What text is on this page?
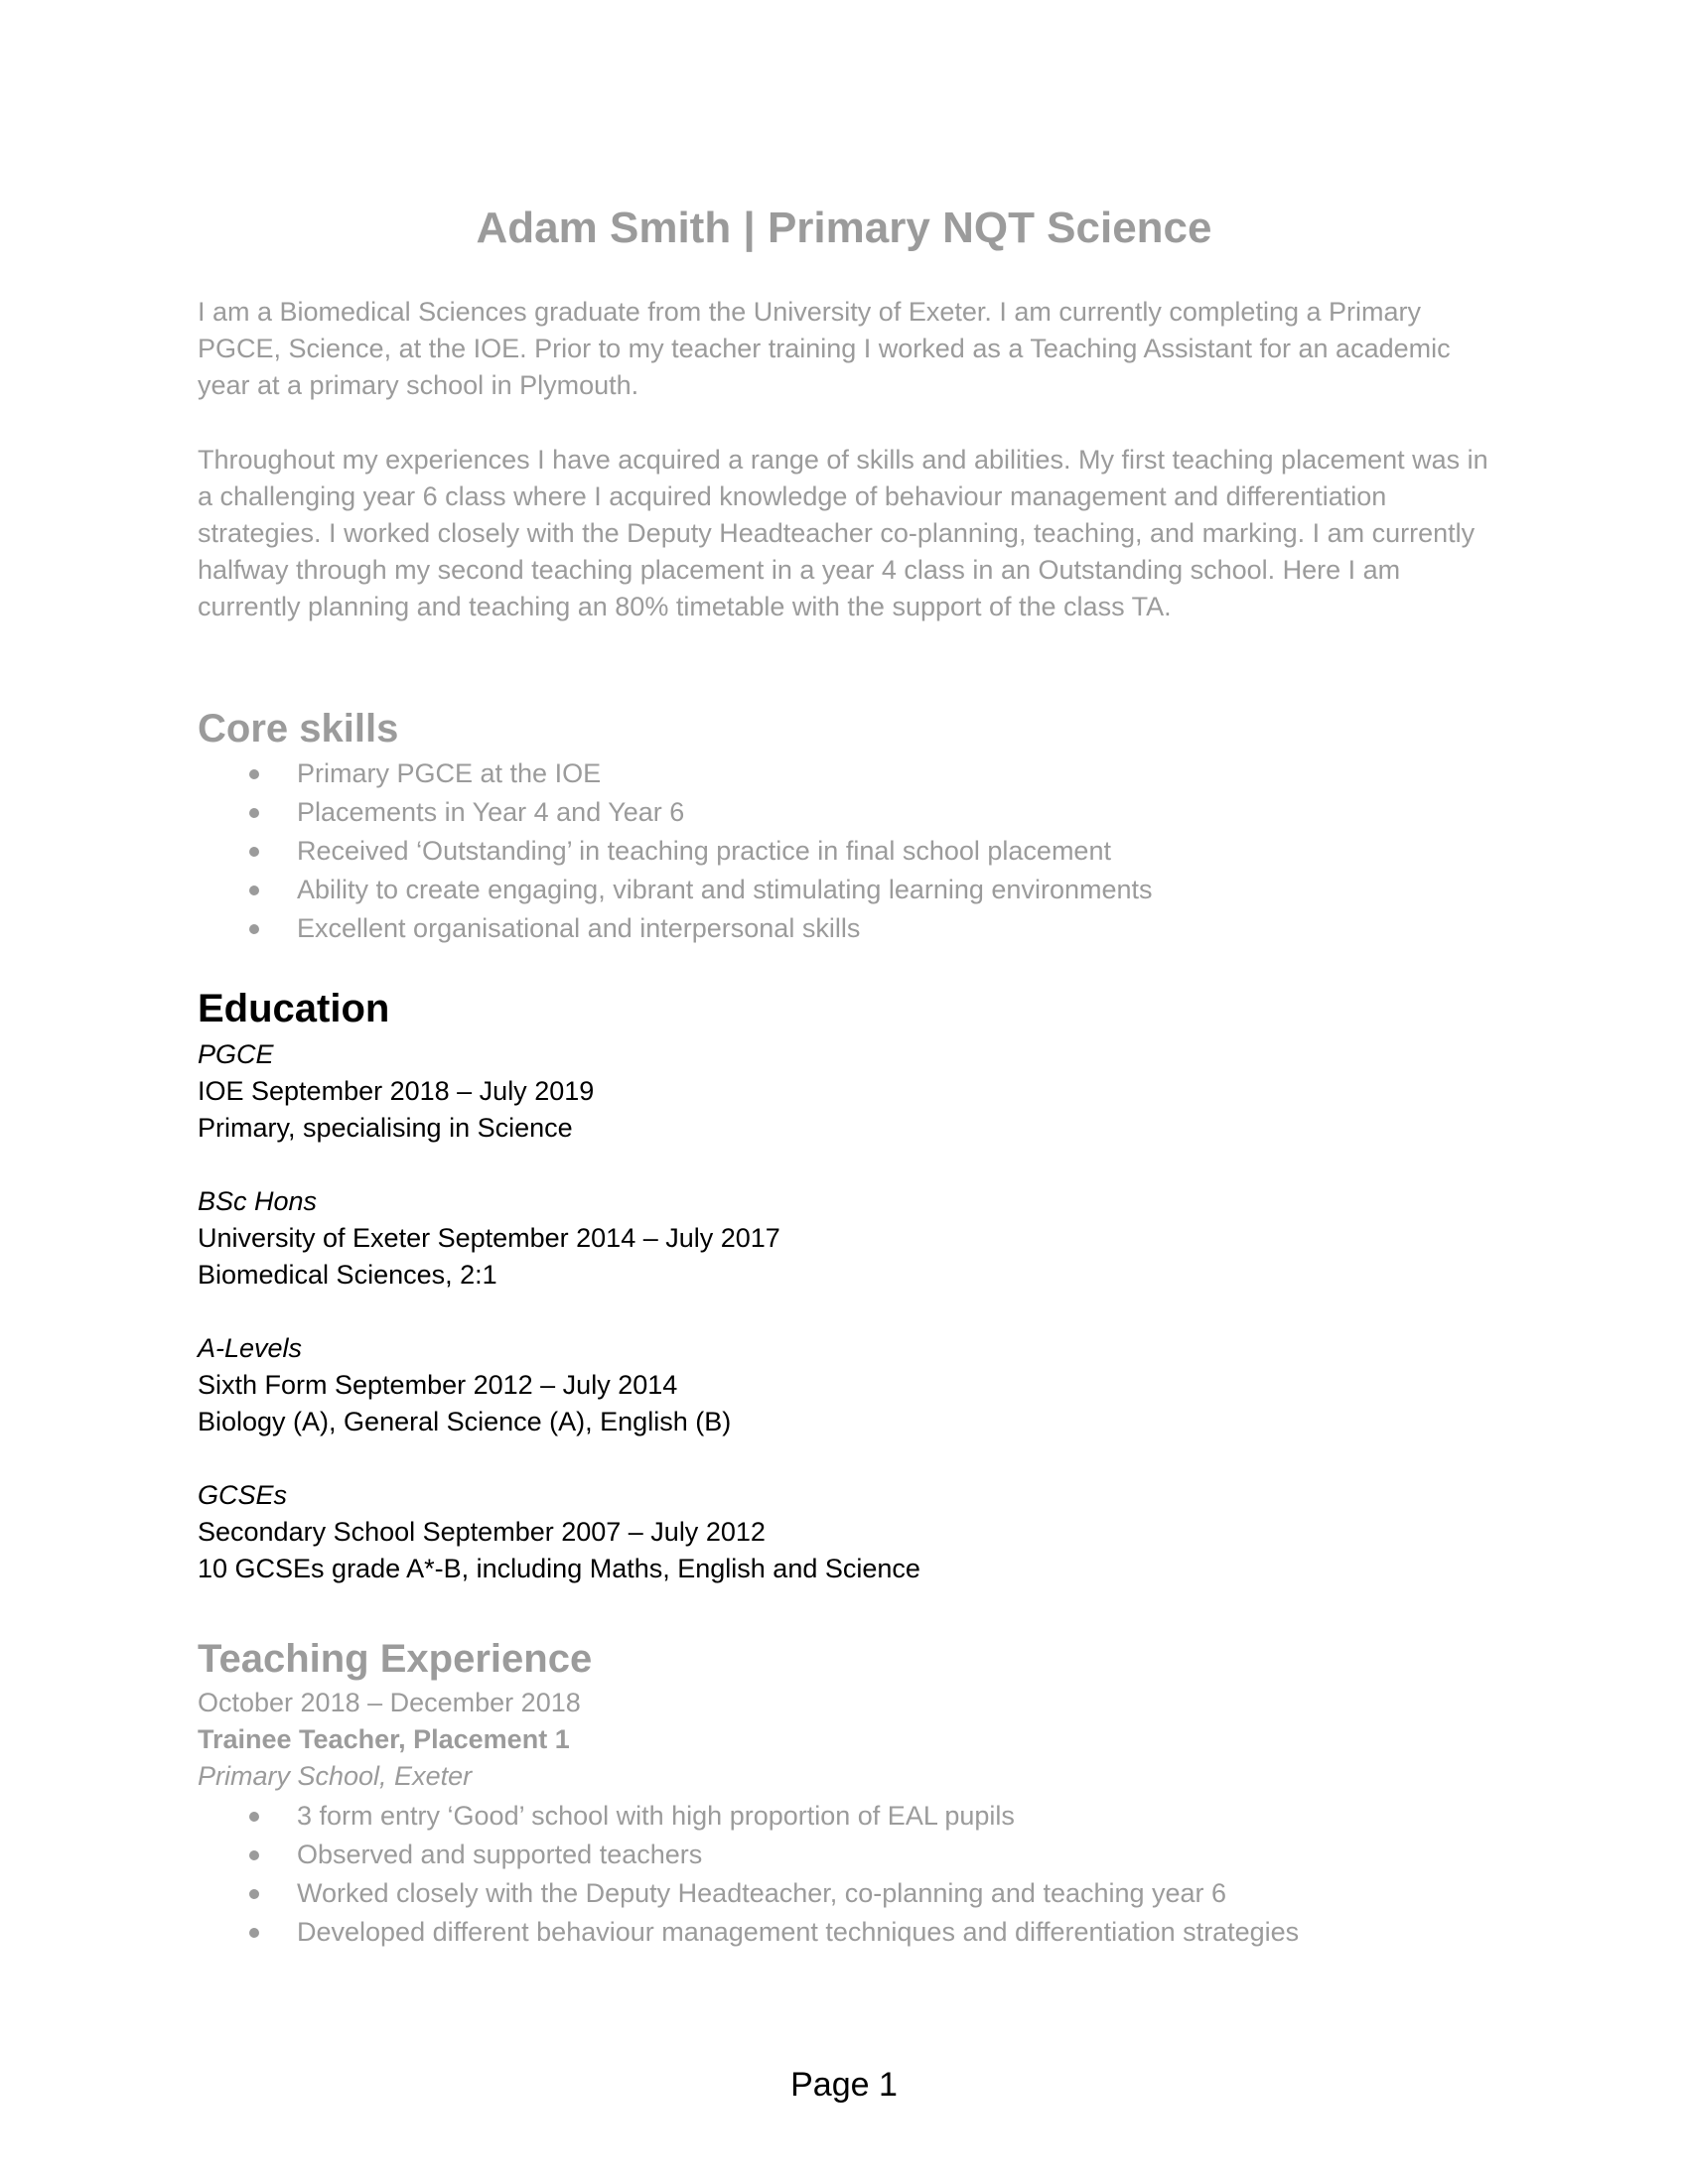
Adam Smith | Primary NQT Science

I am a Biomedical Sciences graduate from the University of Exeter. I am currently completing a Primary PGCE, Science, at the IOE. Prior to my teacher training I worked as a Teaching Assistant for an academic year at a primary school in Plymouth.

Throughout my experiences I have acquired a range of skills and abilities. My first teaching placement was in a challenging year 6 class where I acquired knowledge of behaviour management and differentiation strategies. I worked closely with the Deputy Headteacher co-planning, teaching, and marking. I am currently halfway through my second teaching placement in a year 4 class in an Outstanding school. Here I am currently planning and teaching an 80% timetable with the support of the class TA.

Core skills
Primary PGCE at the IOE
Placements in Year 4 and Year 6
Received ‘Outstanding’ in teaching practice in final school placement
Ability to create engaging, vibrant and stimulating learning environments
Excellent organisational and interpersonal skills
Education
PGCE
IOE September 2018 – July 2019
Primary, specialising in Science
BSc Hons
University of Exeter September 2014 – July 2017
Biomedical Sciences, 2:1
A-Levels
Sixth Form September 2012 – July 2014
Biology (A), General Science (A), English (B)
GCSEs
Secondary School September 2007 – July 2012
10 GCSEs grade A*-B, including Maths, English and Science
Teaching Experience
October 2018 – December 2018
Trainee Teacher, Placement 1
Primary School, Exeter
3 form entry ‘Good’ school with high proportion of EAL pupils
Observed and supported teachers
Worked closely with the Deputy Headteacher, co-planning and teaching year 6
Developed different behaviour management techniques and differentiation strategies
Page 1
